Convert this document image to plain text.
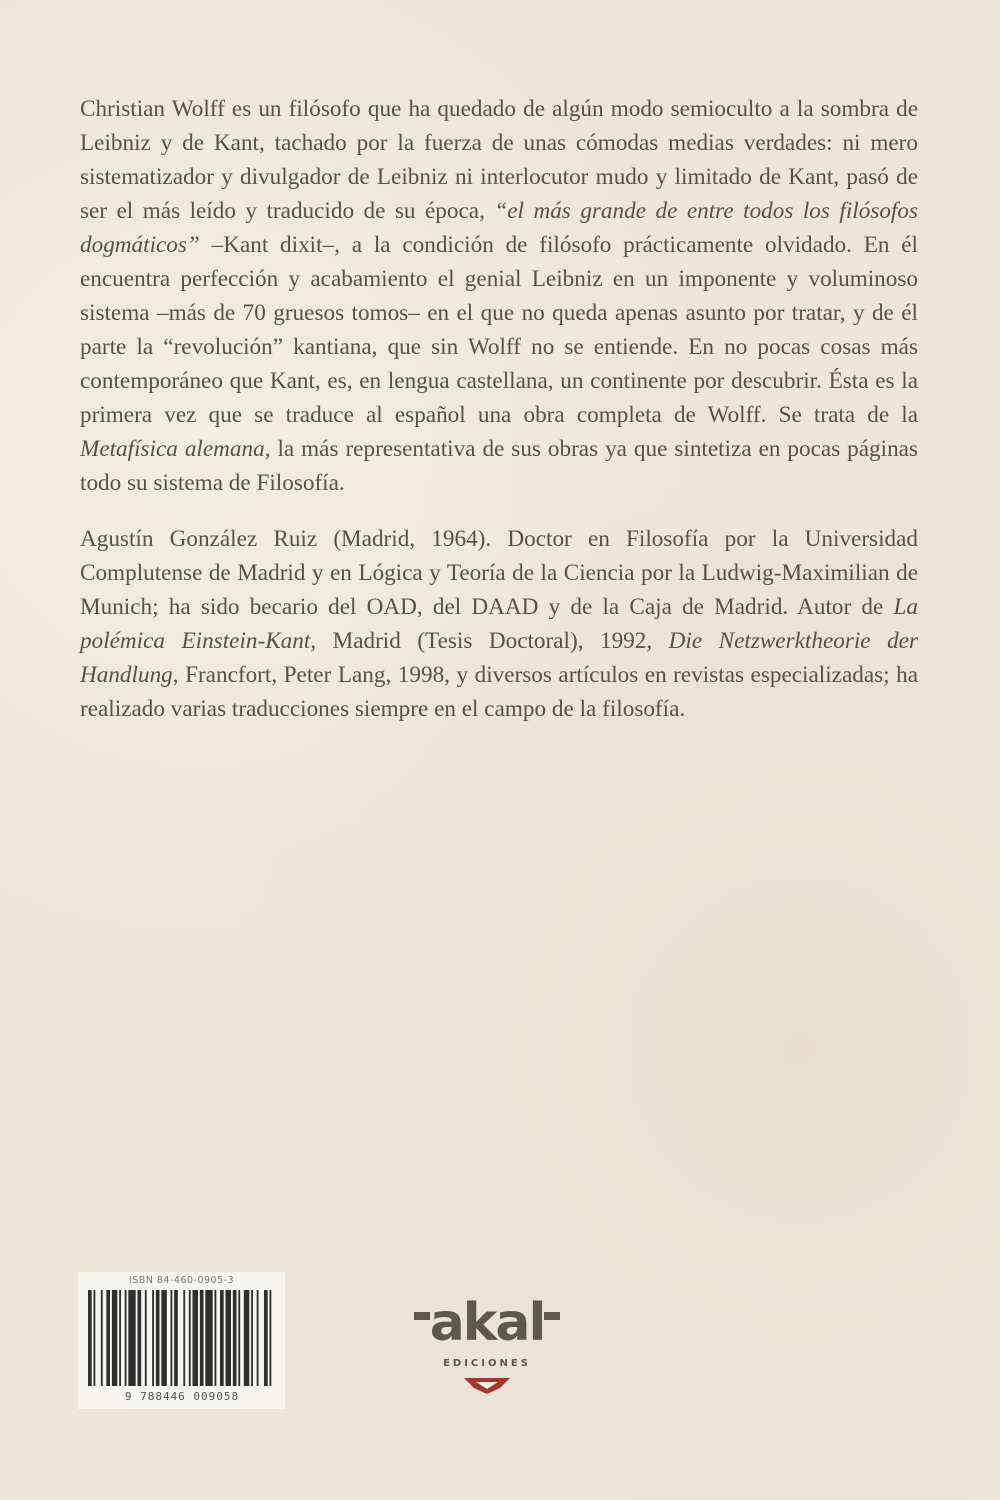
Christian Wolff es un filósofo que ha quedado de algún modo semioculto a la sombra de Leibniz y de Kant, tachado por la fuerza de unas cómodas medias verdades: ni mero sistematizador y divulgador de Leibniz ni interlocutor mudo y limitado de Kant, pasó de ser el más leído y traducido de su época, “el más grande de entre todos los filósofos dogmáticos” –Kant dixit–, a la condición de filósofo prácticamente olvidado. En él encuentra perfección y acabamiento el genial Leibniz en un imponente y voluminoso sistema –más de 70 gruesos tomos– en el que no queda apenas asunto por tratar, y de él parte la “revolución” kantiana, que sin Wolff no se entiende. En no pocas cosas más contemporáneo que Kant, es, en lengua castellana, un continente por descubrir. Ésta es la primera vez que se traduce al español una obra completa de Wolff. Se trata de la Metafísica alemana, la más representativa de sus obras ya que sintetiza en pocas páginas todo su sistema de Filosofía.

Agustín González Ruiz (Madrid, 1964). Doctor en Filosofía por la Universidad Complutense de Madrid y en Lógica y Teoría de la Ciencia por la Ludwig-Maximilian de Munich; ha sido becario del OAD, del DAAD y de la Caja de Madrid. Autor de La polémica Einstein-Kant, Madrid (Tesis Doctoral), 1992, Die Netzwerktheorie der Handlung, Francfort, Peter Lang, 1998, y diversos artículos en revistas especializadas; ha realizado varias traducciones siempre en el campo de la filosofía.

ISBN 84-460-0905-3
9 788446 009058
akal
EDICIONES
